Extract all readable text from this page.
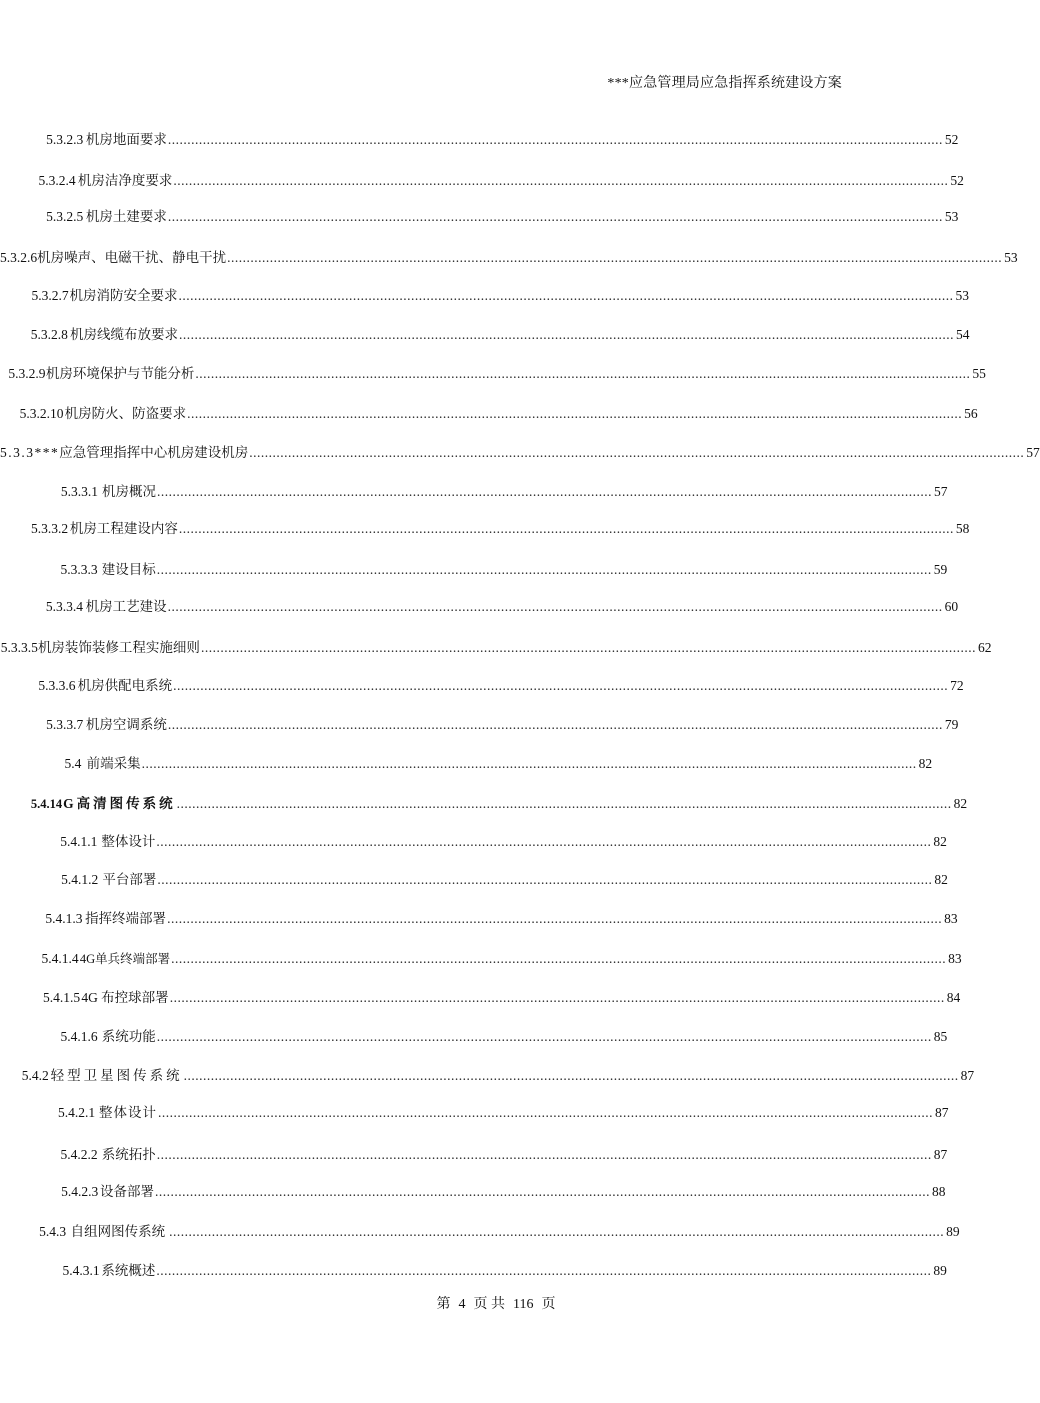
***应急管理局应急指挥系统建设方案
5.3.2.3 机房地面要求 ........................................................................................................................................................................................................ 52
5.3.2.4 机房洁净度要求 ........................................................................................................................................................................................................ 52
5.3.2.5 机房土建要求 ........................................................................................................................................................................................................ 53
5.3.2.6 机房噪声、电磁干扰、静电干扰 ........................................................................................................................................................................................................ 53
5.3.2.7 机房消防安全要求 ........................................................................................................................................................................................................ 53
5.3.2.8 机房线缆布放要求 ........................................................................................................................................................................................................ 54
5.3.2.9 机房环境保护与节能分析 ........................................................................................................................................................................................................ 55
5.3.2.10 机房防火、防盗要求 ........................................................................................................................................................................................................ 56
5.3.3*** 应急管理指挥中心机房建设机房 ........................................................................................................................................................................................................ 57
5.3.3.1 机房概况 ........................................................................................................................................................................................................ 57
5.3.3.2 机房工程建设内容 ........................................................................................................................................................................................................ 58
5.3.3.3 建设目标 ........................................................................................................................................................................................................ 59
5.3.3.4 机房工艺建设 ........................................................................................................................................................................................................ 60
5.3.3.5 机房装饰装修工程实施细则 ........................................................................................................................................................................................................ 62
5.3.3.6 机房供配电系统 ........................................................................................................................................................................................................ 72
5.3.3.7 机房空调系统 ........................................................................................................................................................................................................ 79
5.4 前端采集 ........................................................................................................................................................................................................ 82
5.4.14 G高清图传系统 ........................................................................................................................................................................................................ 82
5.4.1.1 整体设计 ........................................................................................................................................................................................................ 82
5.4.1.2 平台部署 ........................................................................................................................................................................................................ 82
5.4.1.3 指挥终端部署 ........................................................................................................................................................................................................ 83
5.4.1.4 4G单兵终端部署 ........................................................................................................................................................................................................ 83
5.4.1.5 4G 布控球部署 ........................................................................................................................................................................................................ 84
5.4.1.6 系统功能 ........................................................................................................................................................................................................ 85
5.4.2 轻型卫星图传系统 ........................................................................................................................................................................................................ 87
5.4.2.1 整体设计 ........................................................................................................................................................................................................ 87
5.4.2.2 系统拓扑 ........................................................................................................................................................................................................ 87
5.4.2.3 设备部署 ........................................................................................................................................................................................................ 88
5.4.3 自组网图传系统 ........................................................................................................................................................................................................ 89
5.4.3.1 系统概述 ........................................................................................................................................................................................................ 89
第 4 页 共 116 页
